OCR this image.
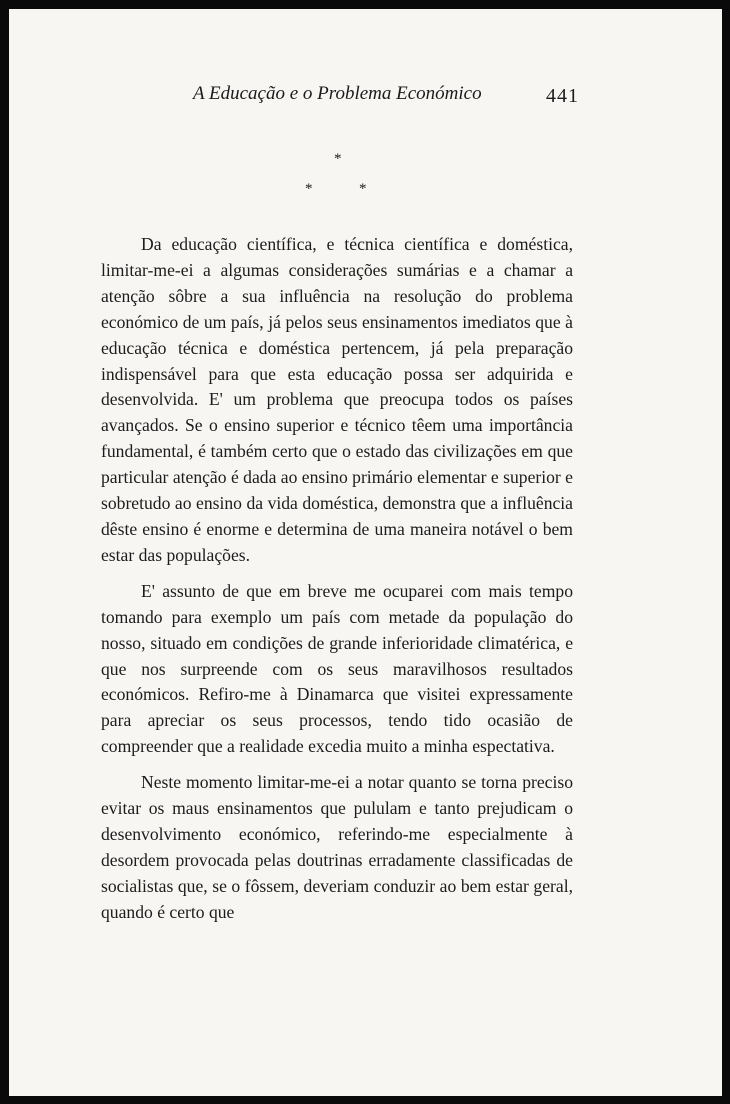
A Educação e o Problema Económico	441
*
*	*

Da educação científica, e técnica científica e doméstica, limitar-me-ei a algumas considerações sumárias e a chamar a atenção sôbre a sua influência na resolução do problema económico de um país, já pelos seus ensinamentos imediatos que à educação técnica e doméstica pertencem, já pela preparação indispensável para que esta educação possa ser adquirida e desenvolvida. E' um problema que preocupa todos os países avançados. Se o ensino superior e técnico têem uma importância fundamental, é também certo que o estado das civilizações em que particular atenção é dada ao ensino primário elementar e superior e sobretudo ao ensino da vida doméstica, demonstra que a influência dêste ensino é enorme e determina de uma maneira notável o bem estar das populações.

E' assunto de que em breve me ocuparei com mais tempo tomando para exemplo um país com metade da população do nosso, situado em condições de grande inferioridade climatérica, e que nos surpreende com os seus maravilhosos resultados económicos. Refiro-me à Dinamarca que visitei expressamente para apreciar os seus processos, tendo tido ocasião de compreender que a realidade excedia muito a minha espectativa.

Neste momento limitar-me-ei a notar quanto se torna preciso evitar os maus ensinamentos que pululam e tanto prejudicam o desenvolvimento económico, referindo-me especialmente à desordem provocada pelas doutrinas erradamente classificadas de socialistas que, se o fôssem, deveriam conduzir ao bem estar geral, quando é certo que
